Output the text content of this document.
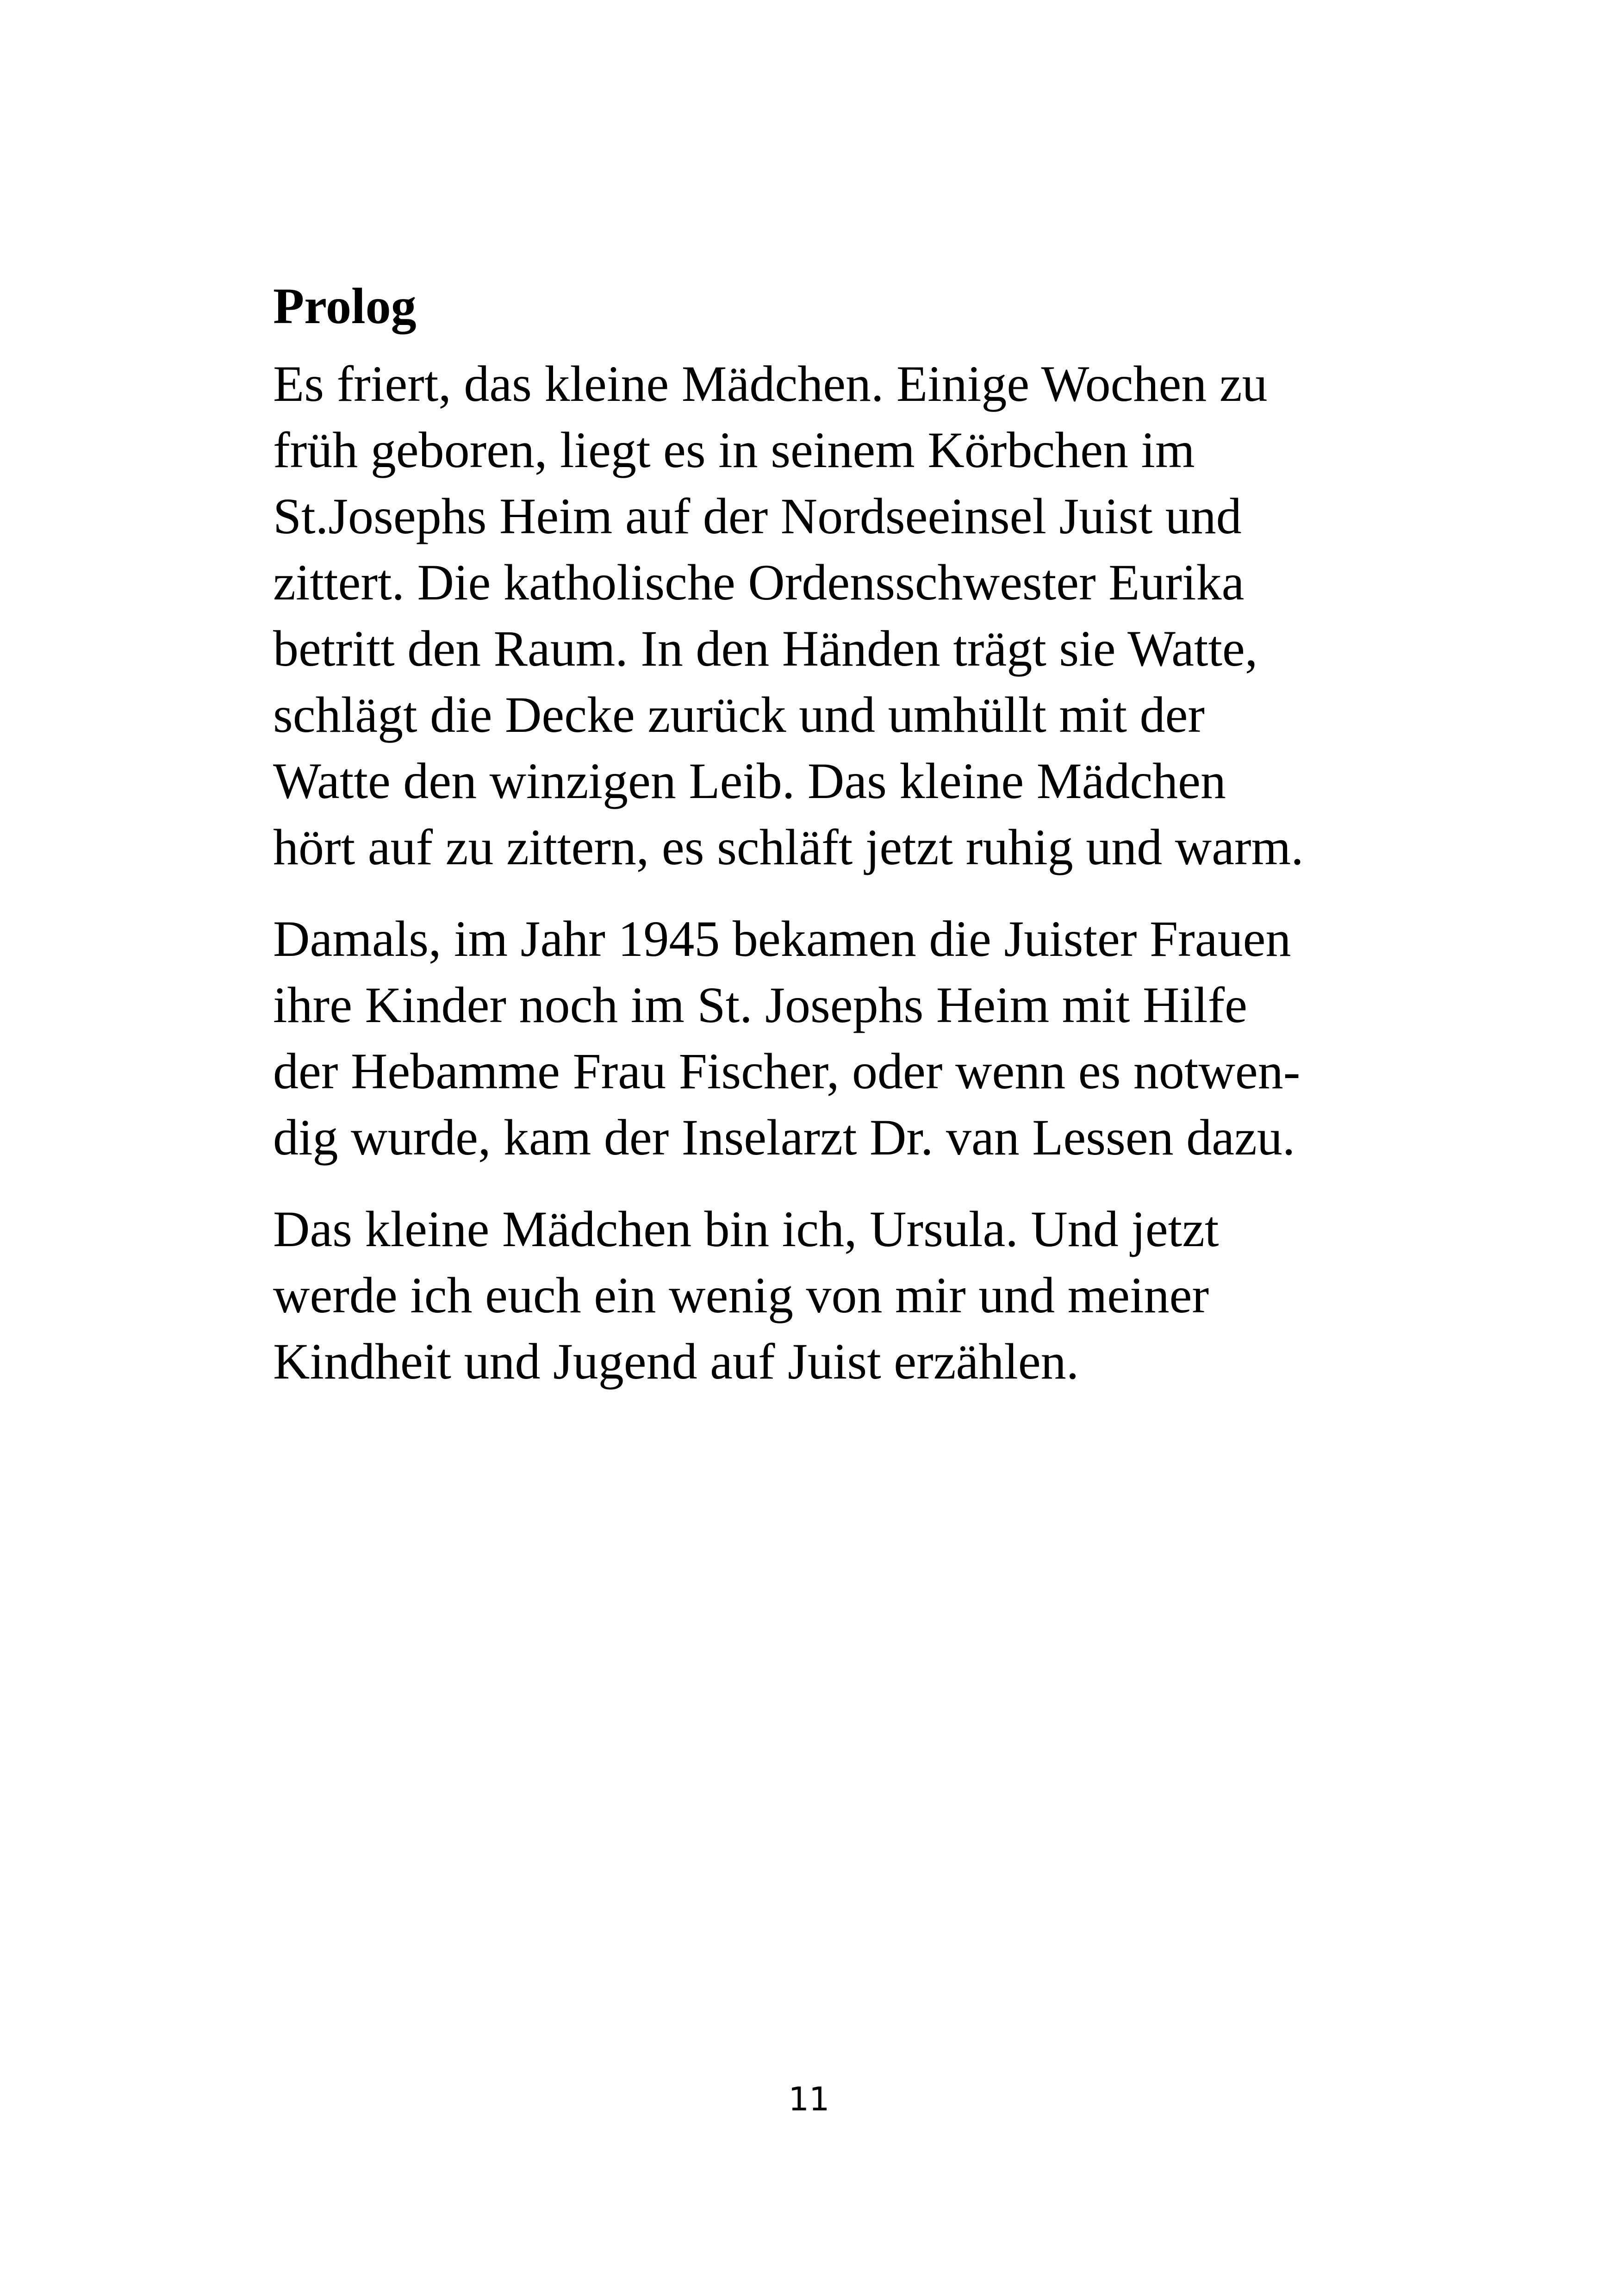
Prolog
Es friert, das kleine Mädchen. Einige Wochen zu
früh geboren, liegt es in seinem Körbchen im
St.Josephs Heim auf der Nordseeinsel Juist und
zittert. Die katholische Ordensschwester Eurika
betritt den Raum. In den Händen trägt sie Watte,
schlägt die Decke zurück und umhüllt mit der
Watte den winzigen Leib. Das kleine Mädchen
hört auf zu zittern, es schläft jetzt ruhig und warm.
Damals, im Jahr 1945 bekamen die Juister Frauen
ihre Kinder noch im St. Josephs Heim mit Hilfe
der Hebamme Frau Fischer, oder wenn es notwen-
dig wurde, kam der Inselarzt Dr. van Lessen dazu.
Das kleine Mädchen bin ich, Ursula. Und jetzt
werde ich euch ein wenig von mir und meiner
Kindheit und Jugend auf Juist erzählen.
11
